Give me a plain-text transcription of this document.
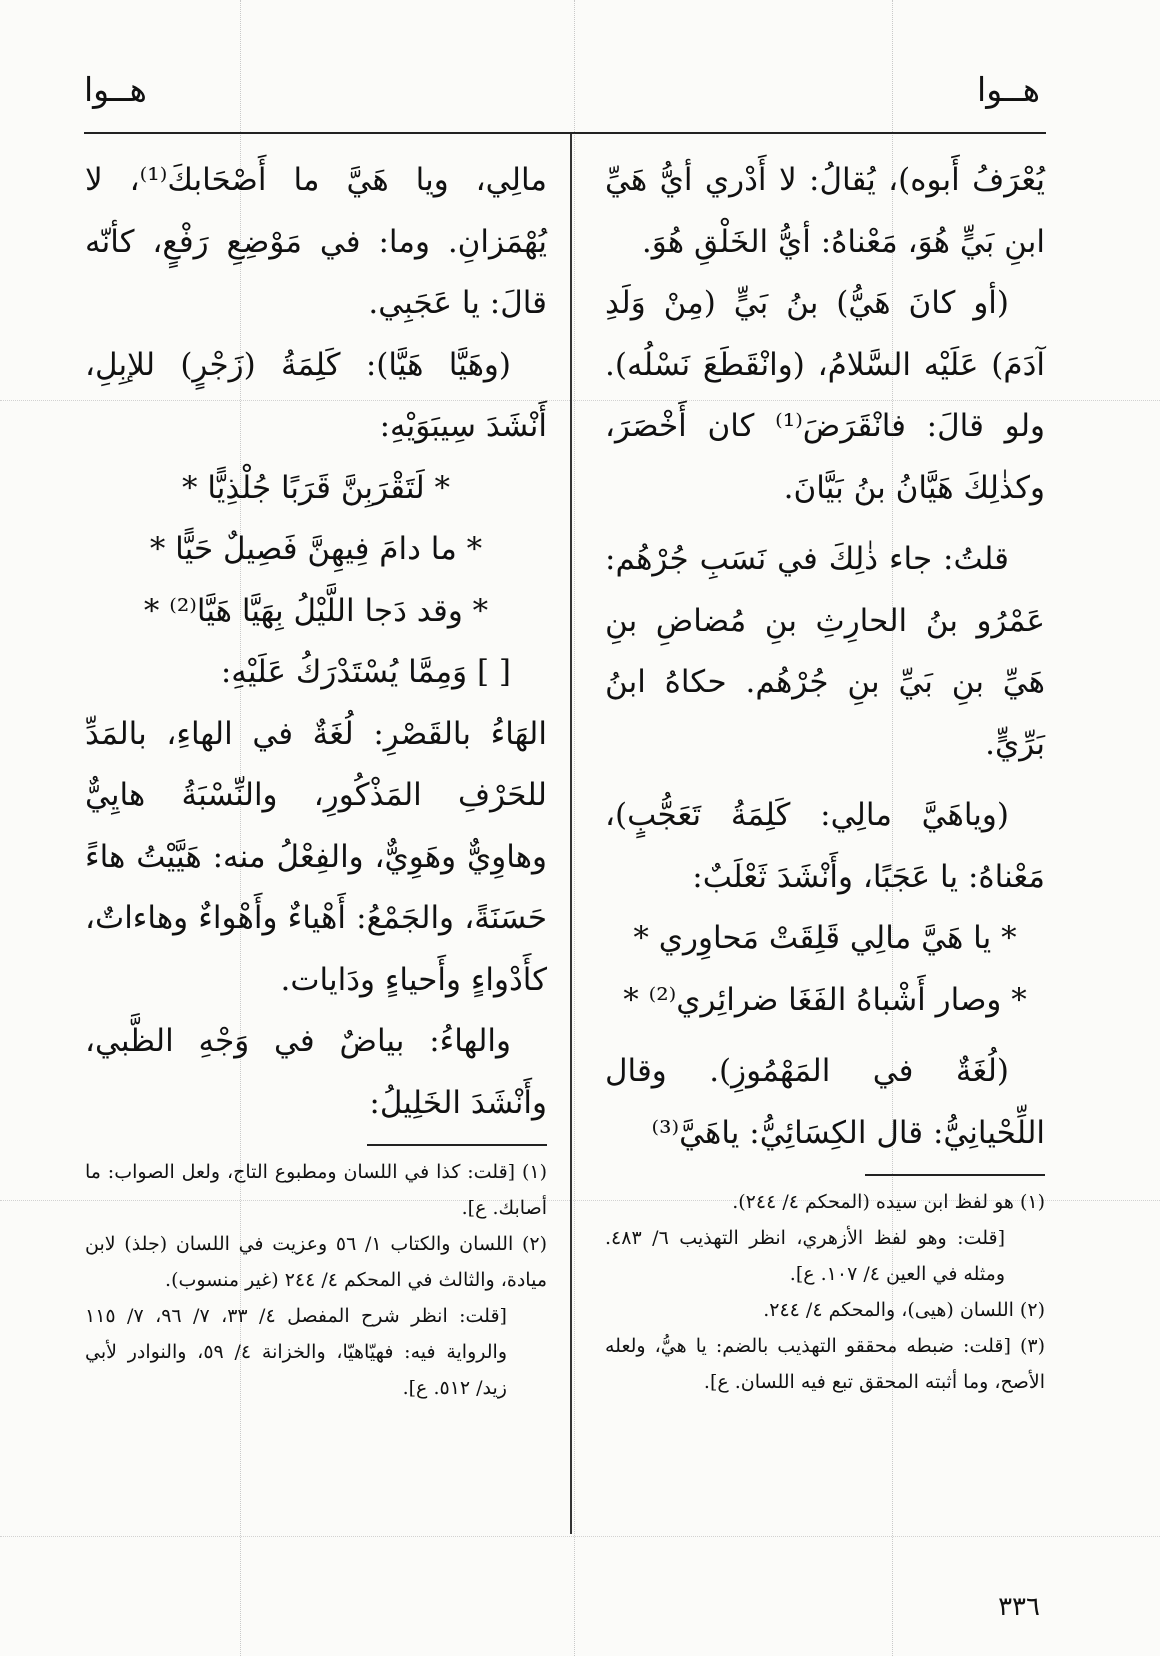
هــوا
هــوا

يُعْرَفُ أَبوه)، يُقالُ: لا أَدْري أيُّ هَيِّ ابنِ بَيٍّ هُوَ، مَعْناهُ: أيُّ الخَلْقِ هُوَ.

(أو كانَ هَيُّ) بنُ بَيٍّ (مِنْ وَلَدِ آدَمَ) عَلَيْه السَّلامُ، (وانْقَطَعَ نَسْلُه). ولو قالَ: فانْقَرَضَ⁽¹⁾ كان أَخْصَرَ، وكذٰلِكَ هَيَّانُ بنُ بَيَّانَ.

قلتُ: جاء ذٰلِكَ في نَسَبِ جُرْهُم: عَمْرُو بنُ الحارِثِ بنِ مُضاضِ بنِ هَيِّ بنِ بَيِّ بنِ جُرْهُم. حكاهُ ابنُ بَرِّيٍّ.

(وياهَيَّ مالِي: كَلِمَةُ تَعَجُّبٍ)، مَعْناهُ: يا عَجَبًا، وأَنْشَدَ ثَعْلَبٌ:

* يا هَيَّ مالِي قَلِقَتْ مَحاوِري *

* وصار أَشْباهُ الفَغَا ضرائِري⁽²⁾ *

(لُغَةٌ في المَهْمُوزِ). وقال اللِّحْيانِيُّ: قال الكِسَائِيُّ: ياهَيَّ⁽³⁾

(١) هو لفظ ابن سيده (المحكم ٤/ ٢٤٤).

[قلت: وهو لفظ الأزهري، انظر التهذيب ٦/ ٤٨٣. ومثله في العين ٤/ ١٠٧. ع].

(٢) اللسان (هيى)، والمحكم ٤/ ٢٤٤.

(٣) [قلت: ضبطه محققو التهذيب بالضم: يا هيُّ، ولعله الأصح، وما أثبته المحقق تبع فيه اللسان. ع].

مالِي، ويا هَيَّ ما أَصْحَابكَ⁽¹⁾، لا يُهْمَزانِ. وما: في مَوْضِعِ رَفْعٍ، كأنّه قالَ: يا عَجَبِي.

(وهَيَّا هَيَّا): كَلِمَةُ (زَجْرٍ) للإبِلِ، أَنْشَدَ سِيبَوَيْهِ:

* لَتَقْرَبِنَّ قَرَبًا جُلْذِيًّا *

* ما دامَ فِيهِنَّ فَصِيلٌ حَيًّا *

* وقد دَجا اللَّيْلُ بِهَيَّا هَيَّا⁽²⁾ *

[ ] وَمِمَّا يُسْتَدْرَكُ عَلَيْهِ:

الهَاءُ بالقَصْرِ: لُغَةٌ في الهاءِ، بالمَدِّ للحَرْفِ المَذْكُورِ، والنِّسْبَةُ هايِيٌّ وهاوِيٌّ وهَوِيٌّ، والفِعْلُ منه: هَيَّيْتُ هاءً حَسَنَةً، والجَمْعُ: أَهْياءٌ وأَهْواءٌ وهاءاتٌ، كأَدْواءٍ وأَحياءٍ ودَايات.

والهاءُ: بياضٌ في وَجْهِ الظَّبي، وأَنْشَدَ الخَلِيلُ:

(١) [قلت: كذا في اللسان ومطبوع التاج، ولعل الصواب: ما أصابك. ع].

(٢) اللسان والكتاب ١/ ٥٦ وعزيت في اللسان (جلذ) لابن ميادة، والثالث في المحكم ٤/ ٢٤٤ (غير منسوب).

[قلت: انظر شرح المفصل ٤/ ٣٣، ٧/ ٩٦، ٧/ ١١٥ والرواية فيه: فهيّاهيّا، والخزانة ٤/ ٥٩، والنوادر لأبي زيد/ ٥١٢. ع].

٣٣٦
